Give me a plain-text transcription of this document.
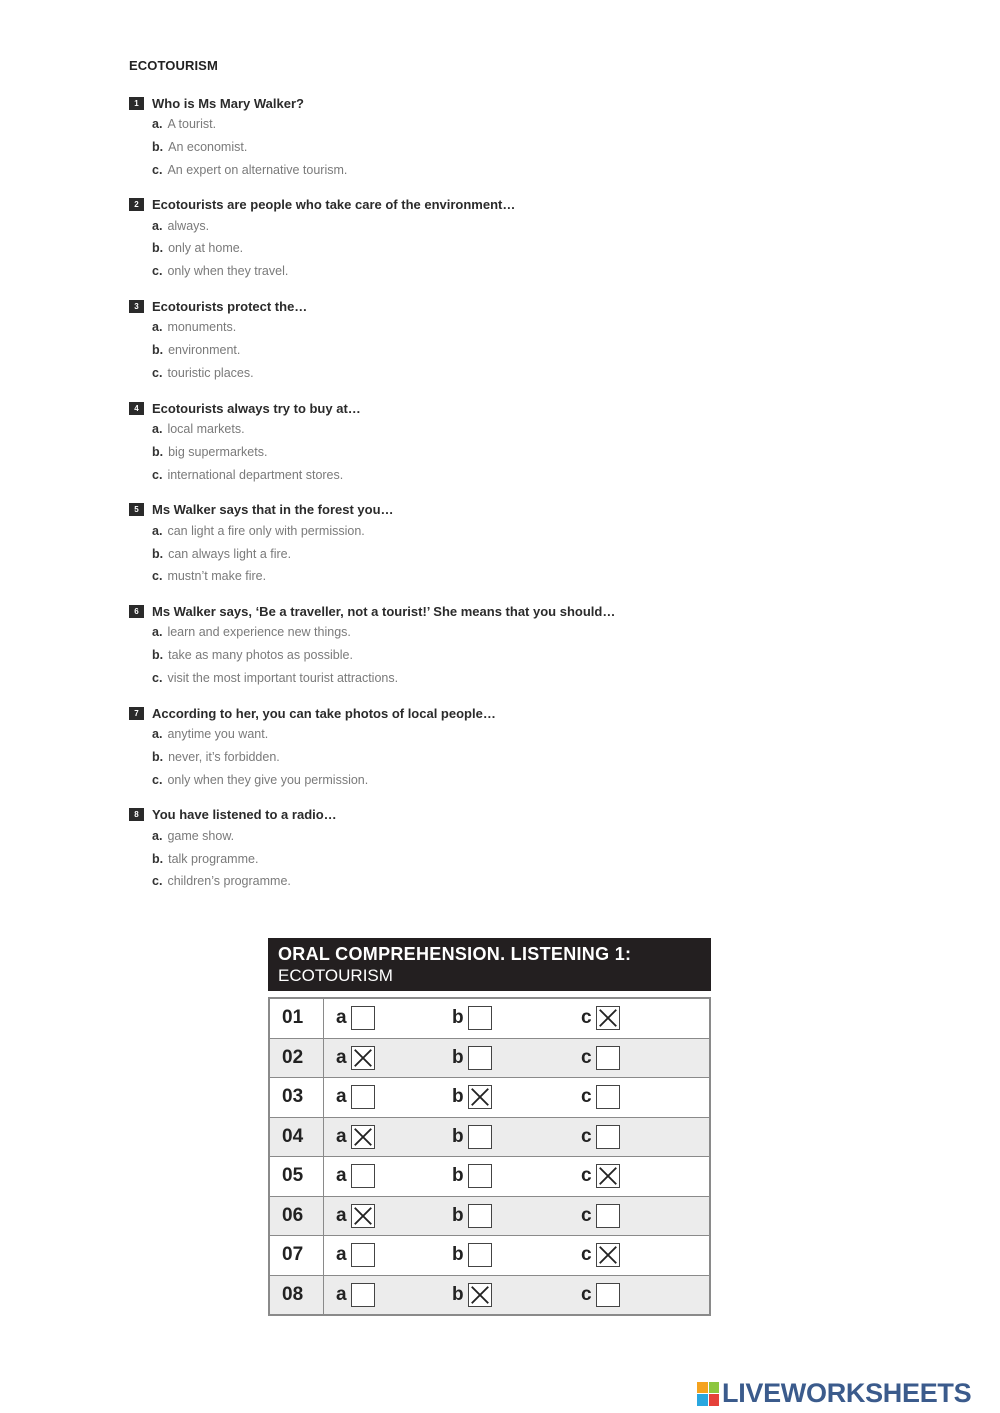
ECOTOURISM
1	Who is Ms Mary Walker?
a. A tourist.
b. An economist.
c. An expert on alternative tourism.
2	Ecotourists are people who take care of the environment…
a. always.
b. only at home.
c. only when they travel.
3	Ecotourists protect the…
a. monuments.
b. environment.
c. touristic places.
4	Ecotourists always try to buy at…
a. local markets.
b. big supermarkets.
c. international department stores.
5	Ms Walker says that in the forest you…
a. can light a fire only with permission.
b. can always light a fire.
c. mustn’t make fire.
6	Ms Walker says, ‘Be a traveller, not a tourist!’ She means that you should…
a. learn and experience new things.
b. take as many photos as possible.
c. visit the most important tourist attractions.
7	According to her, you can take photos of local people…
a. anytime you want.
b. never, it’s forbidden.
c. only when they give you permission.
8	You have listened to a radio…
a. game show.
b. talk programme.
c. children’s programme.
ORAL COMPREHENSION. LISTENING 1:
ECOTOURISM
01	a	b	c
02	a	b	c
03	a	b	c
04	a	b	c
05	a	b	c
06	a	b	c
07	a	b	c
08	a	b	c
LIVEWORKSHEETS
